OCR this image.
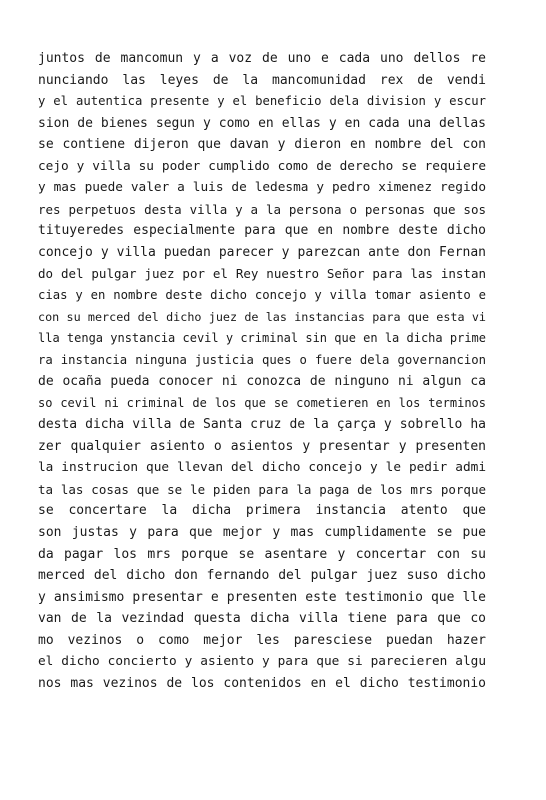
juntos de mancomun y a voz de uno e cada uno dellos re
nunciando las leyes de la mancomunidad rex de vendi
y el autentica presente y el beneficio dela division y escur
sion de bienes segun y como en ellas y en cada una dellas
se contiene dijeron que davan y dieron en nombre del con
cejo y villa su poder cumplido como de derecho se requiere
y mas puede valer a luis de ledesma y pedro ximenez regido
res perpetuos desta villa y a la persona o personas que sos
tituyeredes especialmente para que en nombre deste dicho
concejo y villa puedan parecer y parezcan ante don Fernan
do del pulgar juez por el Rey nuestro Señor para las instan
cias y en nombre deste dicho concejo y villa tomar asiento e
con su merced del dicho juez de las instancias para que esta vi
lla tenga ynstancia cevil y criminal sin que en la dicha prime
ra instancia ninguna justicia ques o fuere dela governancion
de ocaña pueda conocer ni conozca de ninguno ni algun ca
so cevil ni criminal de los que se cometieren en los terminos
desta dicha villa de Santa cruz de la çarça y sobrello ha
zer qualquier asiento o asientos y presentar y presenten
la instrucion que llevan del dicho concejo y le pedir admi
ta las cosas que se le piden para la paga de los mrs porque
se concertare la dicha primera instancia atento que
son justas y para que mejor y mas cumplidamente se pue
da pagar los mrs porque se asentare y concertar con su
merced del dicho don fernando del pulgar juez suso dicho
y ansimismo presentar e presenten este testimonio que lle
van de la vezindad questa dicha villa tiene para que co
mo vezinos o como mejor les paresciese puedan hazer
el dicho concierto y asiento y para que si parecieren algu
nos mas vezinos de los contenidos en el dicho testimonio
